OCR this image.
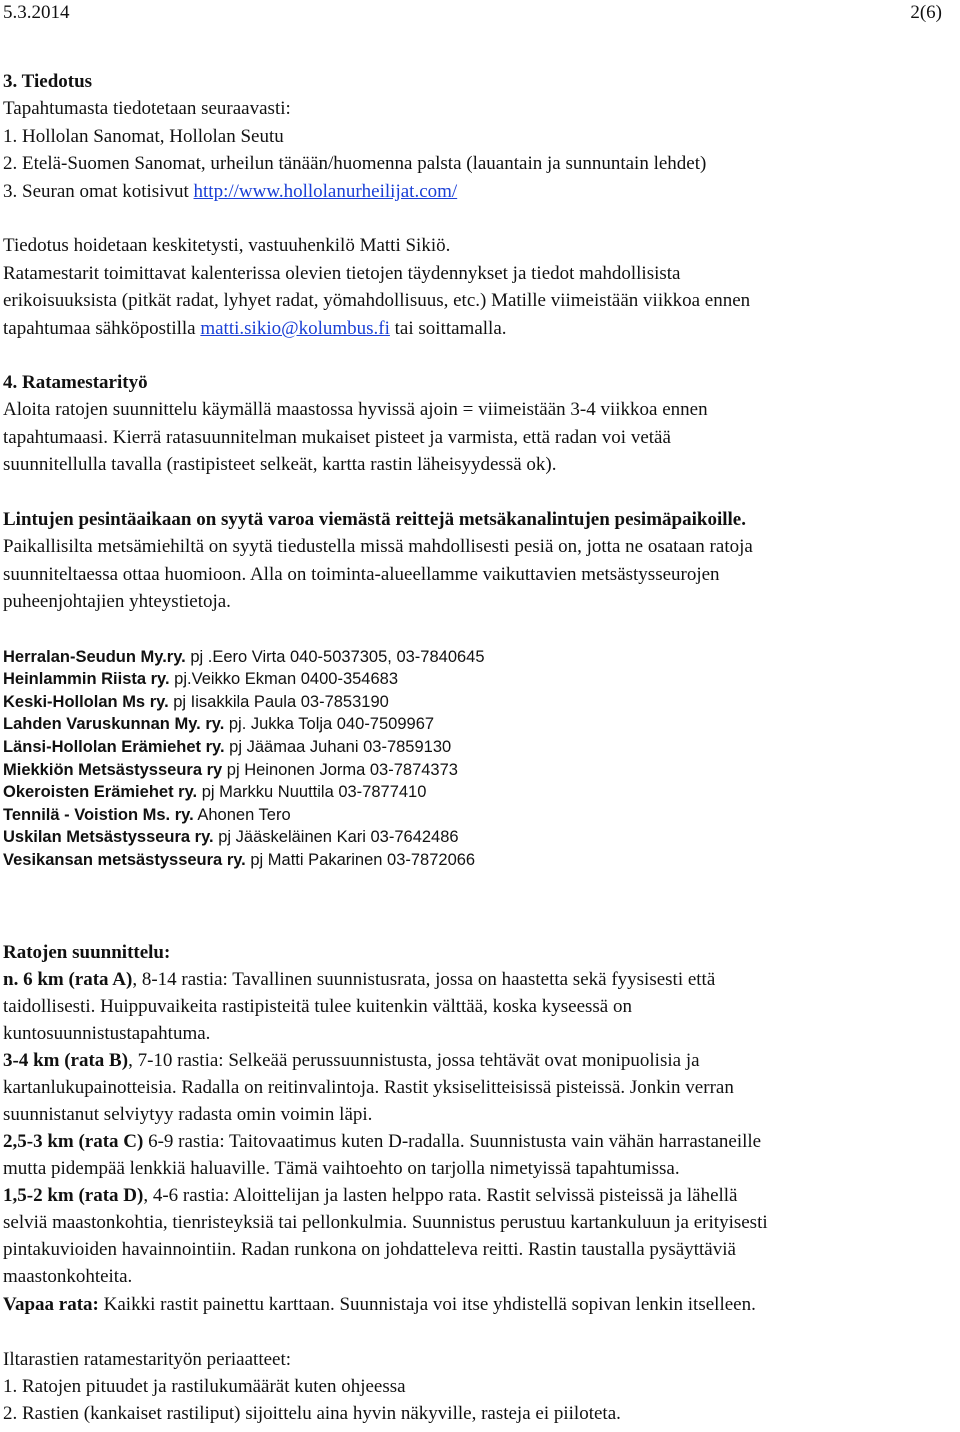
5.3.2014	2(6)
3. Tiedotus
Tapahtumasta tiedotetaan seuraavasti:
1. Hollolan Sanomat, Hollolan Seutu
2. Etelä-Suomen Sanomat, urheilun tänään/huomenna palsta (lauantain ja sunnuntain lehdet)
3. Seuran omat kotisivut http://www.hollolanurheilijat.com/
Tiedotus hoidetaan keskitetysti, vastuuhenkilö Matti Sikiö.
Ratamestarit toimittavat kalenterissa olevien tietojen täydennykset ja tiedot mahdollisista
erikoisuuksista (pitkät radat, lyhyet radat, yömahdollisuus, etc.) Matille viimeistään viikkoa ennen
tapahtumaa sähköpostilla matti.sikio@kolumbus.fi tai soittamalla.
4. Ratamestarityö
Aloita ratojen suunnittelu käymällä maastossa hyvissä ajoin = viimeistään 3-4 viikkoa ennen
tapahtumaasi. Kierrä ratasuunnitelman mukaiset pisteet ja varmista, että radan voi vetää
suunnitellulla tavalla (rastipisteet selkeät, kartta rastin läheisyydessä ok).
Lintujen pesintäaikaan on syytä varoa viemästä reittejä metsäkanalintujen pesimäpaikoille.
Paikallisilta metsämiehiltä on syytä tiedustella missä mahdollisesti pesiä on, jotta ne osataan ratoja
suunniteltaessa ottaa huomioon. Alla on toiminta-alueellamme vaikuttavien metsästysseurojen
puheenjohtajien yhteystietoja.
Herralan-Seudun My.ry. pj .Eero Virta 040-5037305, 03-7840645
Heinlammin Riista ry. pj.Veikko Ekman 0400-354683
Keski-Hollolan Ms ry. pj Iisakkila Paula 03-7853190
Lahden Varuskunnan My. ry. pj. Jukka Tolja 040-7509967
Länsi-Hollolan Erämiehet ry. pj Jäämaa Juhani 03-7859130
Miekkiön Metsästysseura ry pj Heinonen Jorma 03-7874373
Okeroisten Erämiehet ry. pj Markku Nuuttila 03-7877410
Tennilä - Voistion Ms. ry. Ahonen Tero
Uskilan Metsästysseura ry. pj Jääskeläinen Kari 03-7642486
Vesikansan metsästysseura ry. pj Matti Pakarinen 03-7872066
Ratojen suunnittelu:
n. 6 km (rata A), 8-14 rastia: Tavallinen suunnistusrata, jossa on haastetta sekä fyysisesti että
taidollisesti. Huippuvaikeita rastipisteitä tulee kuitenkin välttää, koska kyseessä on
kuntosuunnistustapahtuma.
3-4 km (rata B), 7-10 rastia: Selkeää perussuunnistusta, jossa tehtävät ovat monipuolisia ja
kartanlukupainotteisia. Radalla on reitinvalintoja. Rastit yksiselitteisissä pisteissä. Jonkin verran
suunnistanut selviytyy radasta omin voimin läpi.
2,5-3 km (rata C) 6-9 rastia: Taitovaatimus kuten D-radalla. Suunnistusta vain vähän harrastaneille
mutta pidempää lenkkiä haluaville. Tämä vaihtoehto on tarjolla nimetyissä tapahtumissa.
1,5-2 km (rata D), 4-6 rastia: Aloittelijan ja lasten helppo rata. Rastit selvissä pisteissä ja lähellä
selviä maastonkohtia, tienristeyksiä tai pellonkulmia. Suunnistus perustuu kartankuluun ja erityisesti
pintakuvioiden havainnointiin. Radan runkona on johdatteleva reitti. Rastin taustalla pysäyttäviä
maastonkohteita.
Vapaa rata: Kaikki rastit painettu karttaan. Suunnistaja voi itse yhdistellä sopivan lenkin itselleen.
Iltarastien ratamestarityön periaatteet:
1. Ratojen pituudet ja rastilukumäärät kuten ohjeessa
2. Rastien (kankaiset rastiliput) sijoittelu aina hyvin näkyville, rasteja ei piiloteta.
